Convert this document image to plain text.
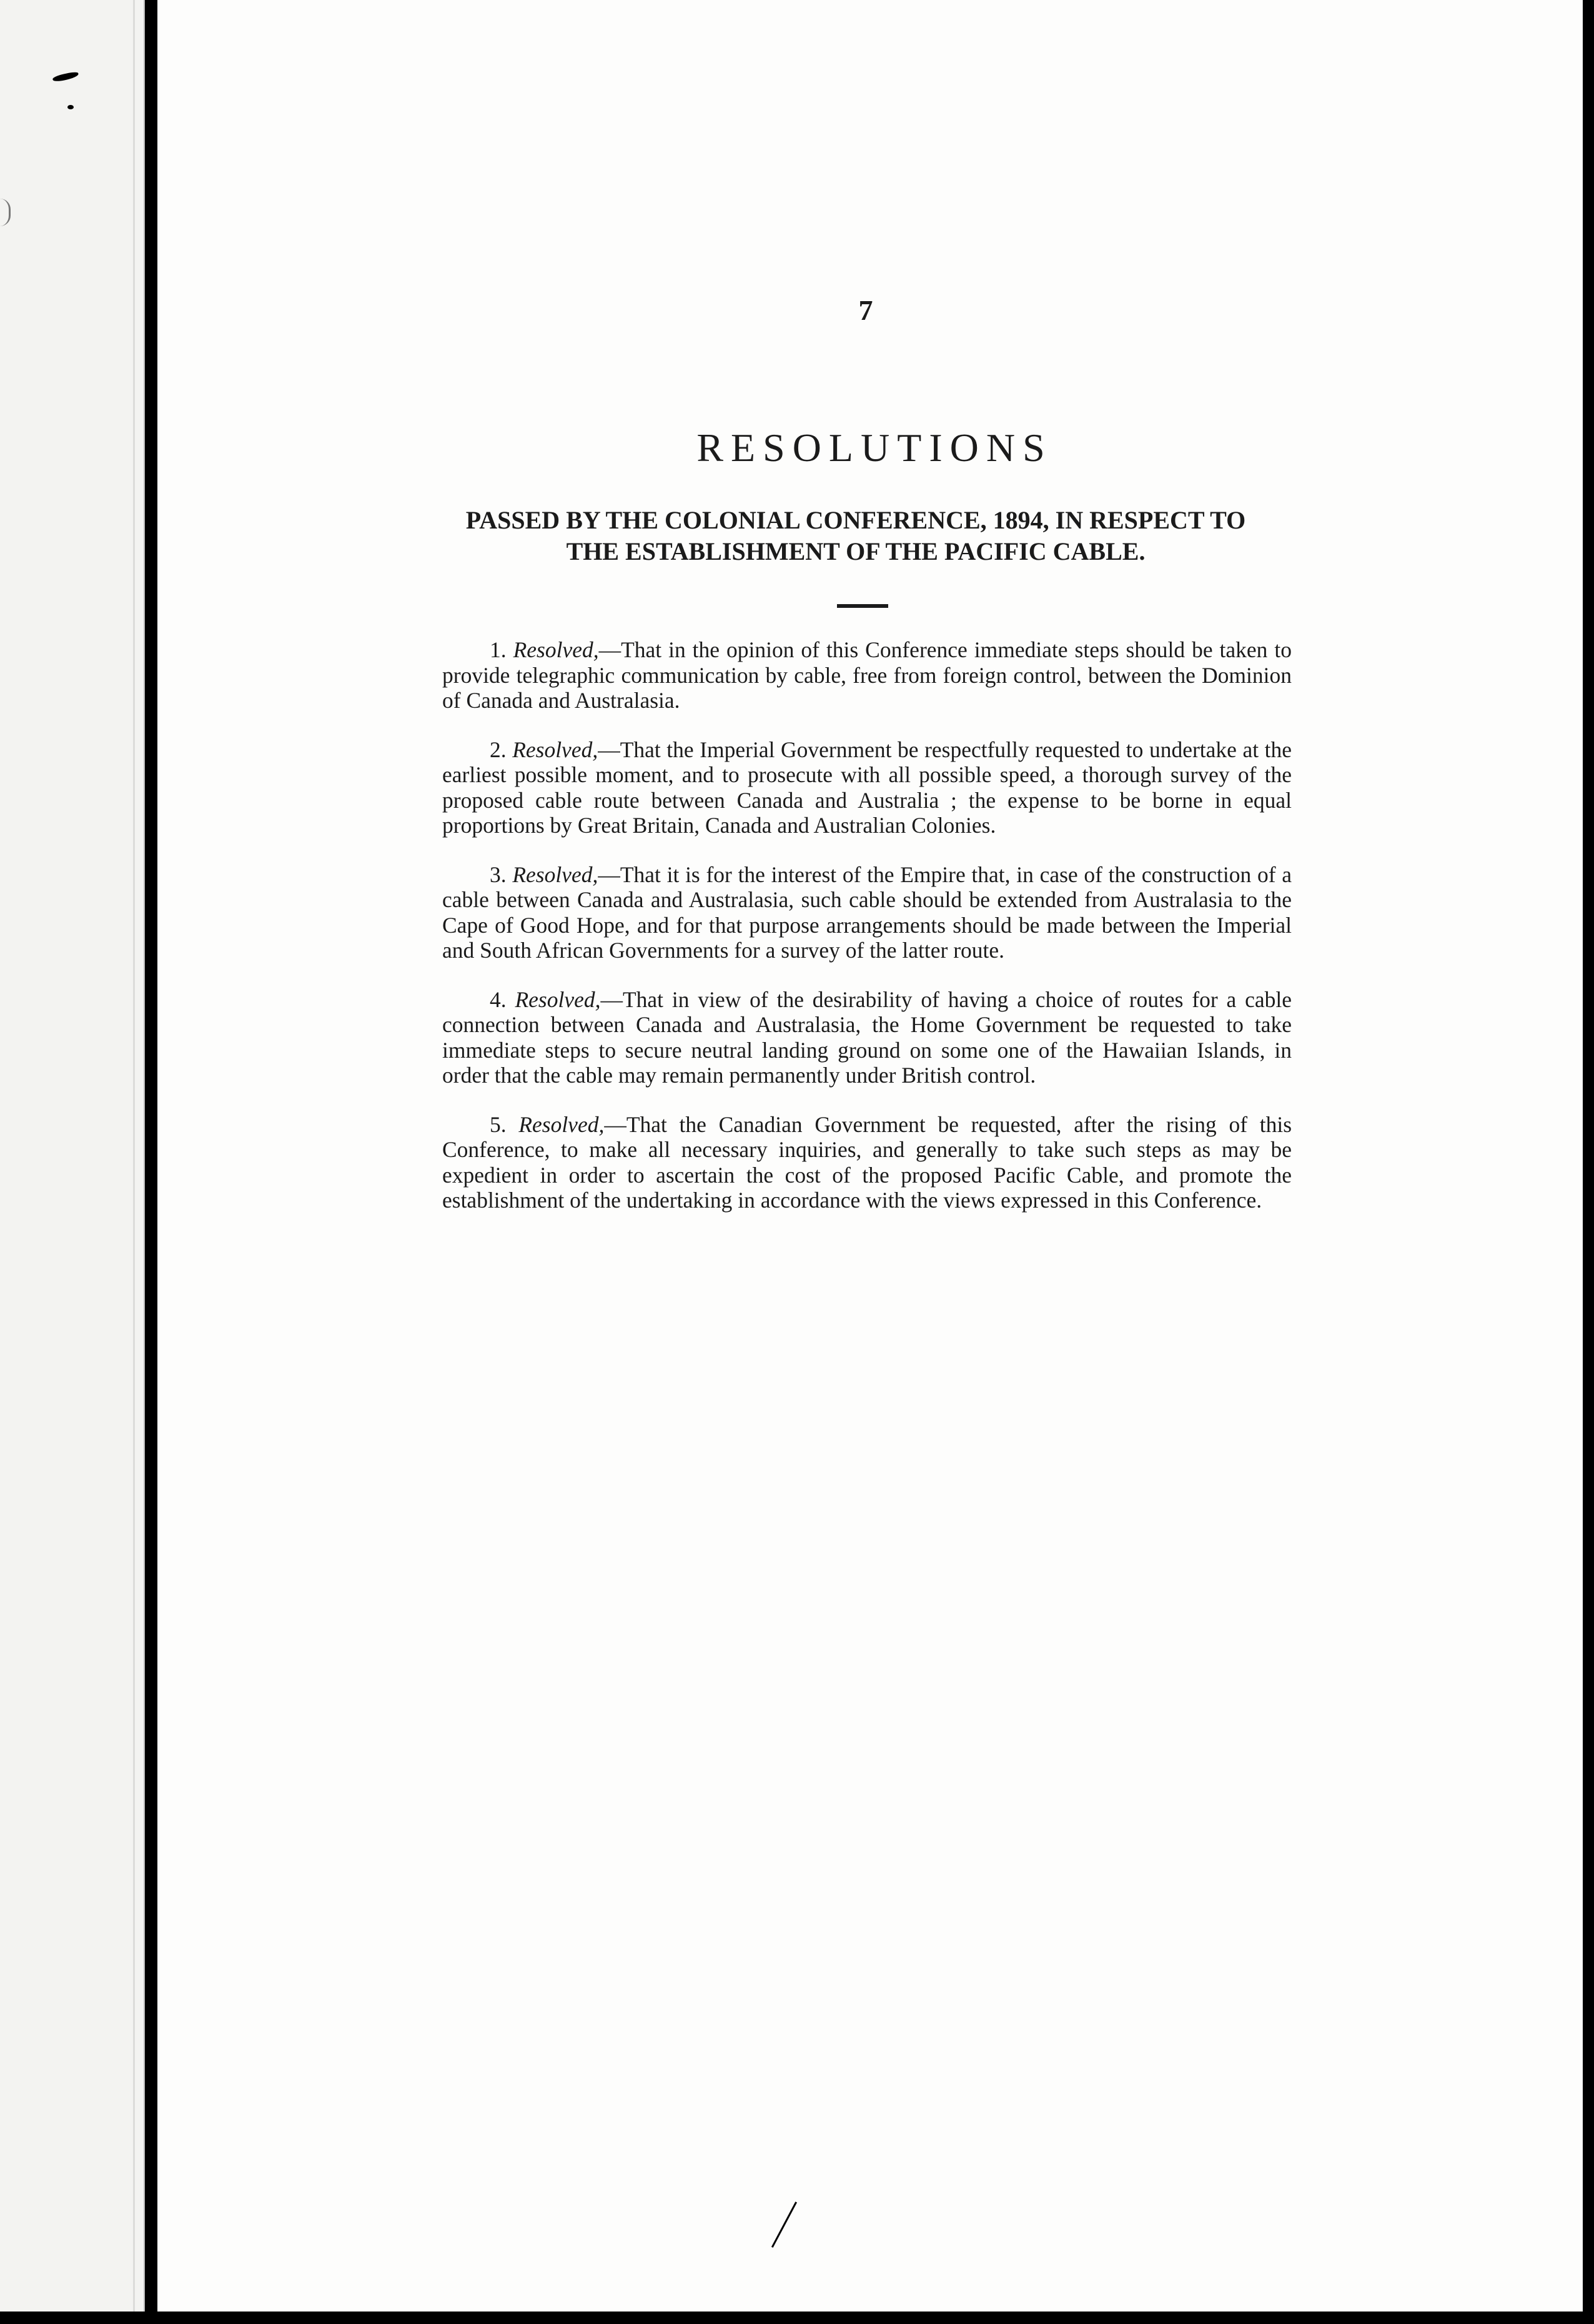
7
RESOLUTIONS
PASSED BY THE COLONIAL CONFERENCE, 1894, IN RESPECT TO
THE ESTABLISHMENT OF THE PACIFIC CABLE.

1. Resolved,—That in the opinion of this Conference immediate steps should be taken to provide telegraphic communication by cable, free from foreign control, between the Dominion of Canada and Australasia.

2. Resolved,—That the Imperial Government be respectfully requested to undertake at the earliest possible moment, and to prosecute with all possible speed, a thorough survey of the proposed cable route between Canada and Australia ; the expense to be borne in equal proportions by Great Britain, Canada and Australian Colonies.

3. Resolved,—That it is for the interest of the Empire that, in case of the construction of a cable between Canada and Australasia, such cable should be extended from Australasia to the Cape of Good Hope, and for that purpose arrangements should be made between the Imperial and South African Governments for a survey of the latter route.

4. Resolved,—That in view of the desirability of having a choice of routes for a cable connection between Canada and Australasia, the Home Government be requested to take immediate steps to secure neutral landing ground on some one of the Hawaiian Islands, in order that the cable may remain permanently under British control.

5. Resolved,—That the Canadian Government be requested, after the rising of this Conference, to make all necessary inquiries, and generally to take such steps as may be expedient in order to ascertain the cost of the proposed Pacific Cable, and promote the establishment of the undertaking in accordance with the views expressed in this Conference.
